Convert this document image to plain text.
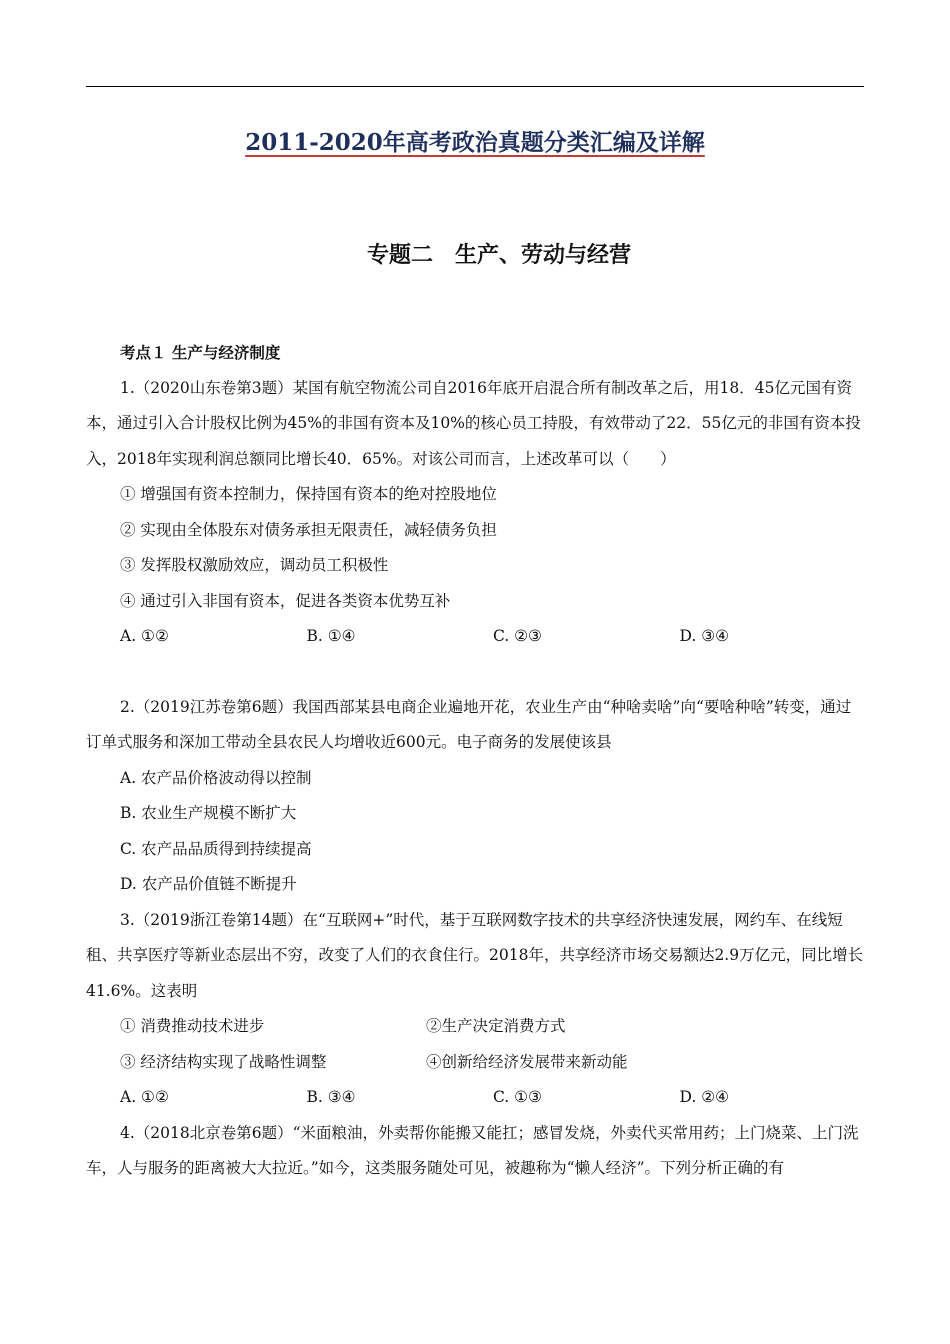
2011-2020年高考政治真题分类汇编及详解
专题二　生产、劳动与经营
考点１ 生产与经济制度

1.（2020山东卷第3题）某国有航空物流公司自2016年底开启混合所有制改革之后，用18．45亿元国有资本，通过引入合计股权比例为45%的非国有资本及10%的核心员工持股，有效带动了22．55亿元的非国有资本投入，2018年实现利润总额同比增长40．65%。对该公司而言，上述改革可以（　　）

① 增强国有资本控制力，保持国有资本的绝对控股地位

② 实现由全体股东对债务承担无限责任，减轻债务负担

③ 发挥股权激励效应，调动员工积极性

④ 通过引入非国有资本，促进各类资本优势互补

A. ①②	B. ①④	C. ②③	D. ③④

2.（2019江苏卷第6题）我国西部某县电商企业遍地开花，农业生产由“种啥卖啥”向“要啥种啥”转变，通过订单式服务和深加工带动全县农民人均增收近600元。电子商务的发展使该县

A. 农产品价格波动得以控制

B. 农业生产规模不断扩大

C. 农产品品质得到持续提高

D. 农产品价值链不断提升

3.（2019浙江卷第14题）在“互联网+”时代，基于互联网数字技术的共享经济快速发展，网约车、在线短租、共享医疗等新业态层出不穷，改变了人们的衣食住行。2018年，共享经济市场交易额达2.9万亿元，同比增长41.6%。这表明

① 消费推动技术进步	②生产决定消费方式
③ 经济结构实现了战略性调整	④创新给经济发展带来新动能
A. ①②	B. ③④	C. ①③	D. ②④

4.（2018北京卷第6题）“米面粮油，外卖帮你能搬又能扛；感冒发烧，外卖代买常用药；上门烧菜、上门洗车，人与服务的距离被大大拉近。”如今，这类服务随处可见，被趣称为“懒人经济”。下列分析正确的有
